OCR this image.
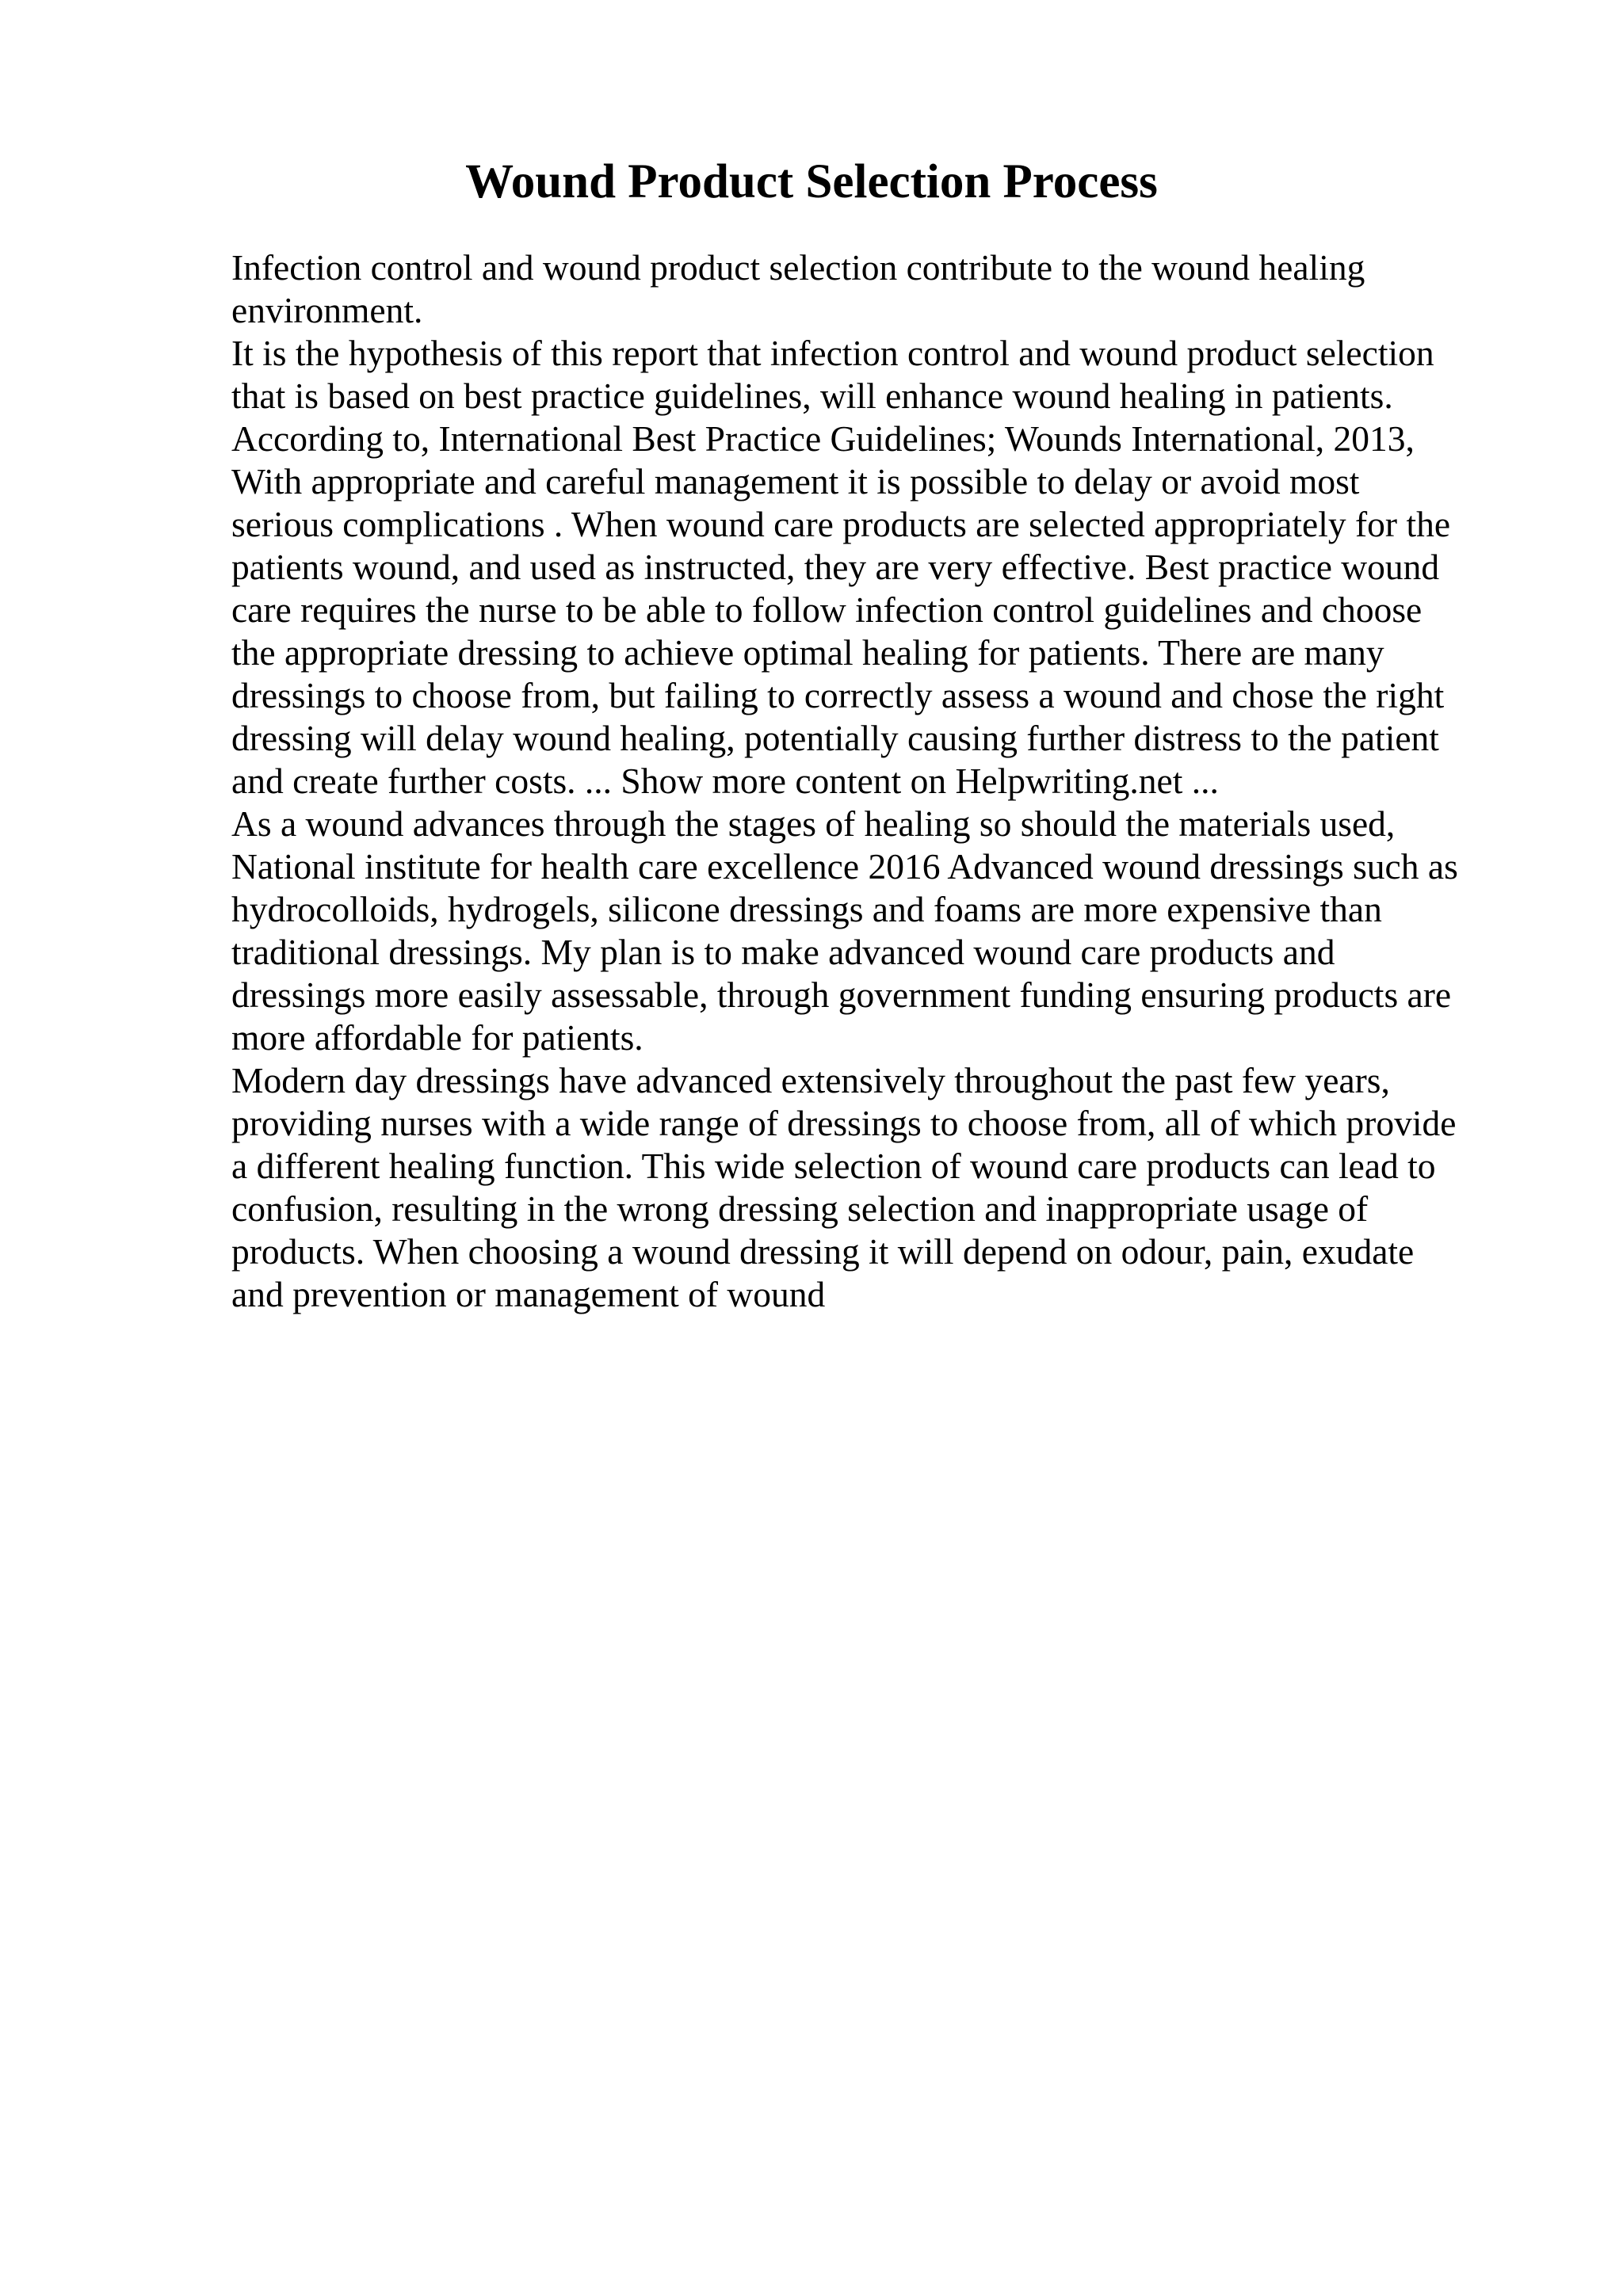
Wound Product Selection Process
Infection control and wound product selection contribute to the wound healing
environment.
It is the hypothesis of this report that infection control and wound product selection
that is based on best practice guidelines, will enhance wound healing in patients.
According to, International Best Practice Guidelines; Wounds International, 2013,
With appropriate and careful management it is possible to delay or avoid most
serious complications . When wound care products are selected appropriately for the
patients wound, and used as instructed, they are very effective. Best practice wound
care requires the nurse to be able to follow infection control guidelines and choose
the appropriate dressing to achieve optimal healing for patients. There are many
dressings to choose from, but failing to correctly assess a wound and chose the right
dressing will delay wound healing, potentially causing further distress to the patient
and create further costs. ... Show more content on Helpwriting.net ...
As a wound advances through the stages of healing so should the materials used,
National institute for health care excellence 2016 Advanced wound dressings such as
hydrocolloids, hydrogels, silicone dressings and foams are more expensive than
traditional dressings. My plan is to make advanced wound care products and
dressings more easily assessable, through government funding ensuring products are
more affordable for patients.
Modern day dressings have advanced extensively throughout the past few years,
providing nurses with a wide range of dressings to choose from, all of which provide
a different healing function. This wide selection of wound care products can lead to
confusion, resulting in the wrong dressing selection and inappropriate usage of
products. When choosing a wound dressing it will depend on odour, pain, exudate
and prevention or management of wound
